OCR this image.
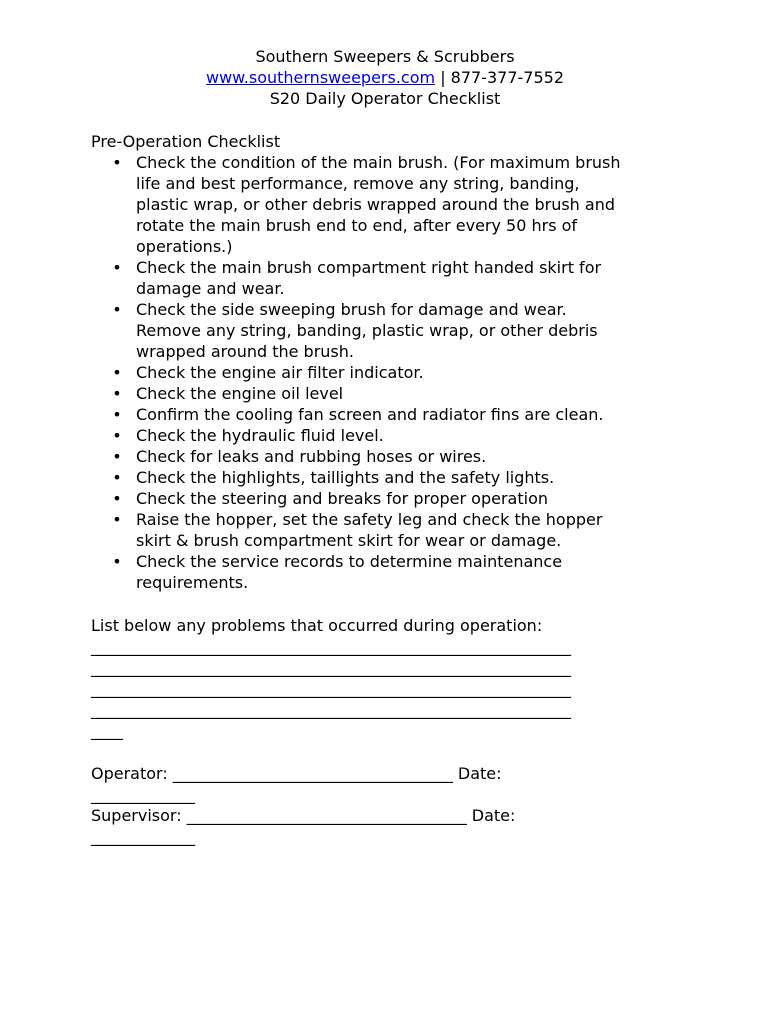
Southern Sweepers & Scrubbers
www.southernsweepers.com | 877-377-7552
S20 Daily Operator Checklist
Pre-Operation Checklist
• Check the condition of the main brush. (For maximum brush
life and best performance, remove any string, banding,
plastic wrap, or other debris wrapped around the brush and
rotate the main brush end to end, after every 50 hrs of
operations.)
• Check the main brush compartment right handed skirt for
damage and wear.
• Check the side sweeping brush for damage and wear.
Remove any string, banding, plastic wrap, or other debris
wrapped around the brush.
• Check the engine air filter indicator.
• Check the engine oil level
• Confirm the cooling fan screen and radiator fins are clean.
• Check the hydraulic fluid level.
• Check for leaks and rubbing hoses or wires.
• Check the highlights, taillights and the safety lights.
• Check the steering and breaks for proper operation
• Raise the hopper, set the safety leg and check the hopper
skirt & brush compartment skirt for wear or damage.
• Check the service records to determine maintenance
requirements.
List below any problems that occurred during operation:
____________________________________________________________
____________________________________________________________
____________________________________________________________
____________________________________________________________
____
Operator: ___________________________________ Date:
_____________
Supervisor: ___________________________________ Date:
_____________
